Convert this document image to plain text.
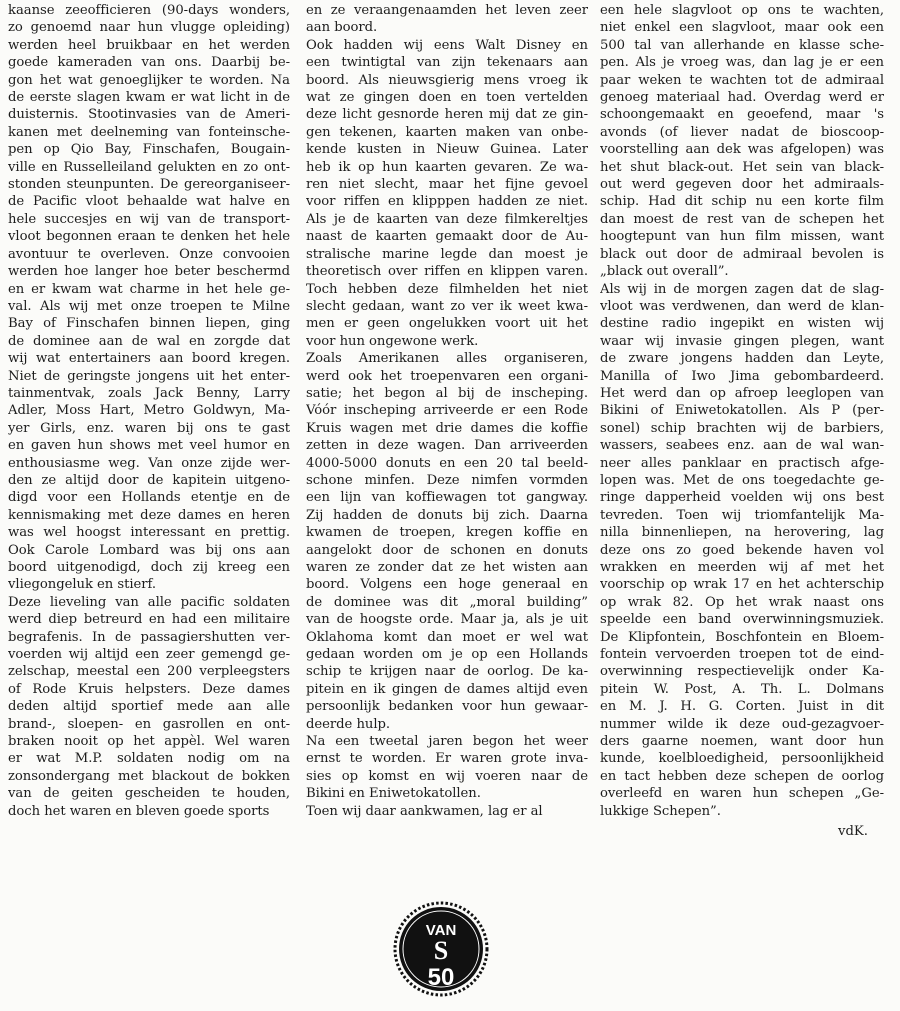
kaanse zeeofficieren (90-days wonders,
zo genoemd naar hun vlugge opleiding)
werden heel bruikbaar en het werden
goede kameraden van ons. Daarbij be-
gon het wat genoeglijker te worden. Na
de eerste slagen kwam er wat licht in de
duisternis. Stootinvasies van de Ameri-
kanen met deelneming van fonteinsche-
pen op Qio Bay, Finschafen, Bougain-
ville en Russelleiland gelukten en zo ont-
stonden steunpunten. De gereorganiseer-
de Pacific vloot behaalde wat halve en
hele succesjes en wij van de transport-
vloot begonnen eraan te denken het hele
avontuur te overleven. Onze convooien
werden hoe langer hoe beter beschermd
en er kwam wat charme in het hele ge-
val. Als wij met onze troepen te Milne
Bay of Finschafen binnen liepen, ging
de dominee aan de wal en zorgde dat
wij wat entertainers aan boord kregen.
Niet de geringste jongens uit het enter-
tainmentvak, zoals Jack Benny, Larry
Adler, Moss Hart, Metro Goldwyn, Ma-
yer Girls, enz. waren bij ons te gast
en gaven hun shows met veel humor en
enthousiasme weg. Van onze zijde wer-
den ze altijd door de kapitein uitgeno-
digd voor een Hollands etentje en de
kennismaking met deze dames en heren
was wel hoogst interessant en prettig.
Ook Carole Lombard was bij ons aan
boord uitgenodigd, doch zij kreeg een
vliegongeluk en stierf.
Deze lieveling van alle pacific soldaten
werd diep betreurd en had een militaire
begrafenis. In de passagiershutten ver-
voerden wij altijd een zeer gemengd ge-
zelschap, meestal een 200 verpleegsters
of Rode Kruis helpsters. Deze dames
deden altijd sportief mede aan alle
brand-, sloepen- en gasrollen en ont-
braken nooit op het appèl. Wel waren
er wat M.P. soldaten nodig om na
zonsondergang met blackout de bokken
van de geiten gescheiden te houden,
doch het waren en bleven goede sports
en ze veraangenaamden het leven zeer
aan boord.
Ook hadden wij eens Walt Disney en
een twintigtal van zijn tekenaars aan
boord. Als nieuwsgierig mens vroeg ik
wat ze gingen doen en toen vertelden
deze licht gesnorde heren mij dat ze gin-
gen tekenen, kaarten maken van onbe-
kende kusten in Nieuw Guinea. Later
heb ik op hun kaarten gevaren. Ze wa-
ren niet slecht, maar het fijne gevoel
voor riffen en klipppen hadden ze niet.
Als je de kaarten van deze filmkereltjes
naast de kaarten gemaakt door de Au-
stralische marine legde dan moest je
theoretisch over riffen en klippen varen.
Toch hebben deze filmhelden het niet
slecht gedaan, want zo ver ik weet kwa-
men er geen ongelukken voort uit het
voor hun ongewone werk.
Zoals Amerikanen alles organiseren,
werd ook het troepenvaren een organi-
satie; het begon al bij de inscheping.
Vóór inscheping arriveerde er een Rode
Kruis wagen met drie dames die koffie
zetten in deze wagen. Dan arriveerden
4000-5000 donuts en een 20 tal beeld-
schone minfen. Deze nimfen vormden
een lijn van koffiewagen tot gangway.
Zij hadden de donuts bij zich. Daarna
kwamen de troepen, kregen koffie en
aangelokt door de schonen en donuts
waren ze zonder dat ze het wisten aan
boord. Volgens een hoge generaal en
de dominee was dit „moral building”
van de hoogste orde. Maar ja, als je uit
Oklahoma komt dan moet er wel wat
gedaan worden om je op een Hollands
schip te krijgen naar de oorlog. De ka-
pitein en ik gingen de dames altijd even
persoonlijk bedanken voor hun gewaar-
deerde hulp.
Na een tweetal jaren begon het weer
ernst te worden. Er waren grote inva-
sies op komst en wij voeren naar de
Bikini en Eniwetokatollen.
Toen wij daar aankwamen, lag er al
een hele slagvloot op ons te wachten,
niet enkel een slagvloot, maar ook een
500 tal van allerhande en klasse sche-
pen. Als je vroeg was, dan lag je er een
paar weken te wachten tot de admiraal
genoeg materiaal had. Overdag werd er
schoongemaakt en geoefend, maar 's
avonds (of liever nadat de bioscoop-
voorstelling aan dek was afgelopen) was
het shut black-out. Het sein van black-
out werd gegeven door het admiraals-
schip. Had dit schip nu een korte film
dan moest de rest van de schepen het
hoogtepunt van hun film missen, want
black out door de admiraal bevolen is
„black out overall”.
Als wij in de morgen zagen dat de slag-
vloot was verdwenen, dan werd de klan-
destine radio ingepikt en wisten wij
waar wij invasie gingen plegen, want
de zware jongens hadden dan Leyte,
Manilla of Iwo Jima gebombardeerd.
Het werd dan op afroep leeglopen van
Bikini of Eniwetokatollen. Als P (per-
sonel) schip brachten wij de barbiers,
wassers, seabees enz. aan de wal wan-
neer alles panklaar en practisch afge-
lopen was. Met de ons toegedachte ge-
ringe dapperheid voelden wij ons best
tevreden. Toen wij triomfantelijk Ma-
nilla binnenliepen, na herovering, lag
deze ons zo goed bekende haven vol
wrakken en meerden wij af met het
voorschip op wrak 17 en het achterschip
op wrak 82. Op het wrak naast ons
speelde een band overwinningsmuziek.
De Klipfontein, Boschfontein en Bloem-
fontein vervoerden troepen tot de eind-
overwinning respectievelijk onder Ka-
pitein W. Post, A. Th. L. Dolmans
en M. J. H. G. Corten. Juist in dit
nummer wilde ik deze oud-gezagvoer-
ders gaarne noemen, want door hun
kunde, koelbloedigheid, persoonlijkheid
en tact hebben deze schepen de oorlog
overleefd en waren hun schepen „Ge-
lukkige Schepen”.
vdK.
VAN
S
50
